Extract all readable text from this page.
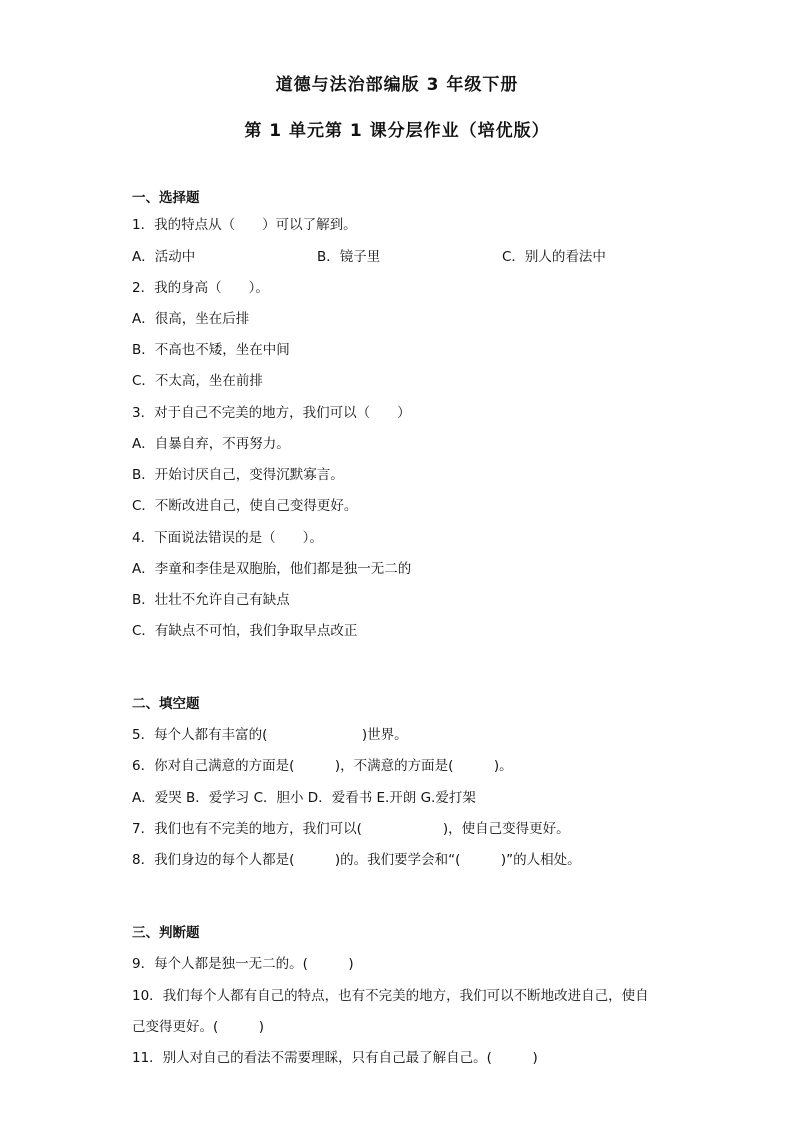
道德与法治部编版 3 年级下册
第 1 单元第 1 课分层作业（培优版）
一、选择题
1．我的特点从（　　）可以了解到。
A．活动中	B．镜子里	C．别人的看法中
2．我的身高（　　）。
A．很高，坐在后排
B．不高也不矮，坐在中间
C．不太高，坐在前排
3．对于自己不完美的地方，我们可以（　　）
A．自暴自弃，不再努力。
B．开始讨厌自己，变得沉默寡言。
C．不断改进自己，使自己变得更好。
4．下面说法错误的是（　　）。
A．李童和李佳是双胞胎，他们都是独一无二的
B．壮壮不允许自己有缺点
C．有缺点不可怕，我们争取早点改正
二、填空题
5．每个人都有丰富的(　　　　　　　)世界。
6．你对自己满意的方面是(　　　)，不满意的方面是(　　　)。
A．爱哭 B．爱学习 C．胆小 D．爱看书 E.开朗 G.爱打架
7．我们也有不完美的地方，我们可以(　　　　　　)，使自己变得更好。
8．我们身边的每个人都是(　　　)的。我们要学会和“(　　　)”的人相处。
三、判断题
9．每个人都是独一无二的。(　　　)
10．我们每个人都有自己的特点，也有不完美的地方，我们可以不断地改进自己，使自
己变得更好。(　　　)
11．别人对自己的看法不需要理睬，只有自己最了解自己。(　　　)
